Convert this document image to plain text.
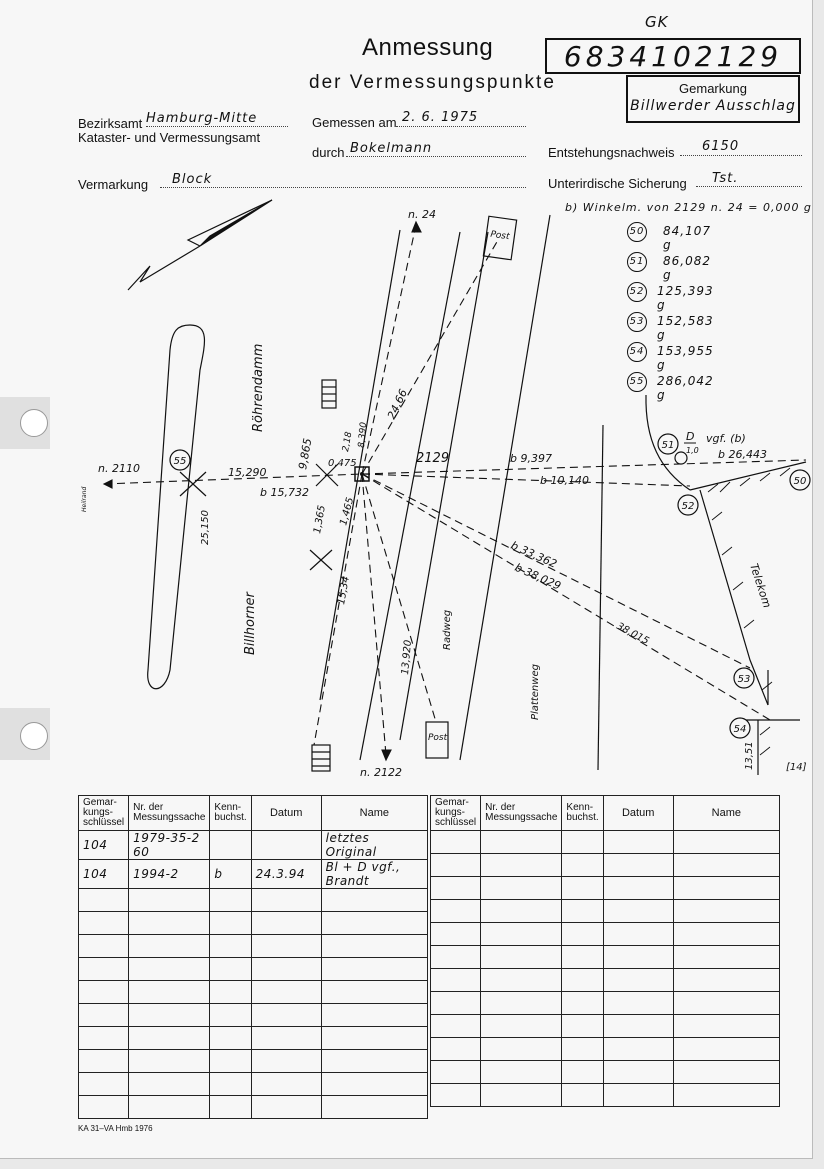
GK
Anmessung
der Vermessungspunkte
6834102129
Gemarkung
Billwerder Ausschlag
Bezirksamt Hamburg-Mitte
Kataster- und Vermessungsamt
Gemessen am 2. 6. 1975
durch Bokelmann	Entstehungsnachweis 6150
Vermarkung Block	Unterirdische Sicherung Tst.
b) Winkelm. von 2129 n. 24 = 0,000 g
50 84,107 g
51 86,082 g
52 125,393 g
53 152,583 g
54 153,955 g
55 286,042 g
55
50
51
52
53
54
n. 24
n. 2110
n. 2122
2129
Post
Post
Röhrendamm
Billhorner	Radweg
Plattenweg
Telekom
Heilrand
D
1,0
vgf. (b)
15,290
b 15,732
9,865 0,475
2,18 8,390
24,66
b 9,397	b 26,443
b 10,140
1,365 1,465
25,150
15,34
13,920
b 33,362
b 38,029
38,015
13,51	[14]
Gemar-kungs-schlüssel	Nr. der Messungssache	Kenn-buchst.	Datum	Name
104	1979-35-2 60			letztes Original
104	1994-2	b	24.3.94	Bl + D vgf., Brandt

Gemar-kungs-schlüssel	Nr. der Messungssache	Kenn-buchst.	Datum	Name

KA 31–VA Hmb 1976
